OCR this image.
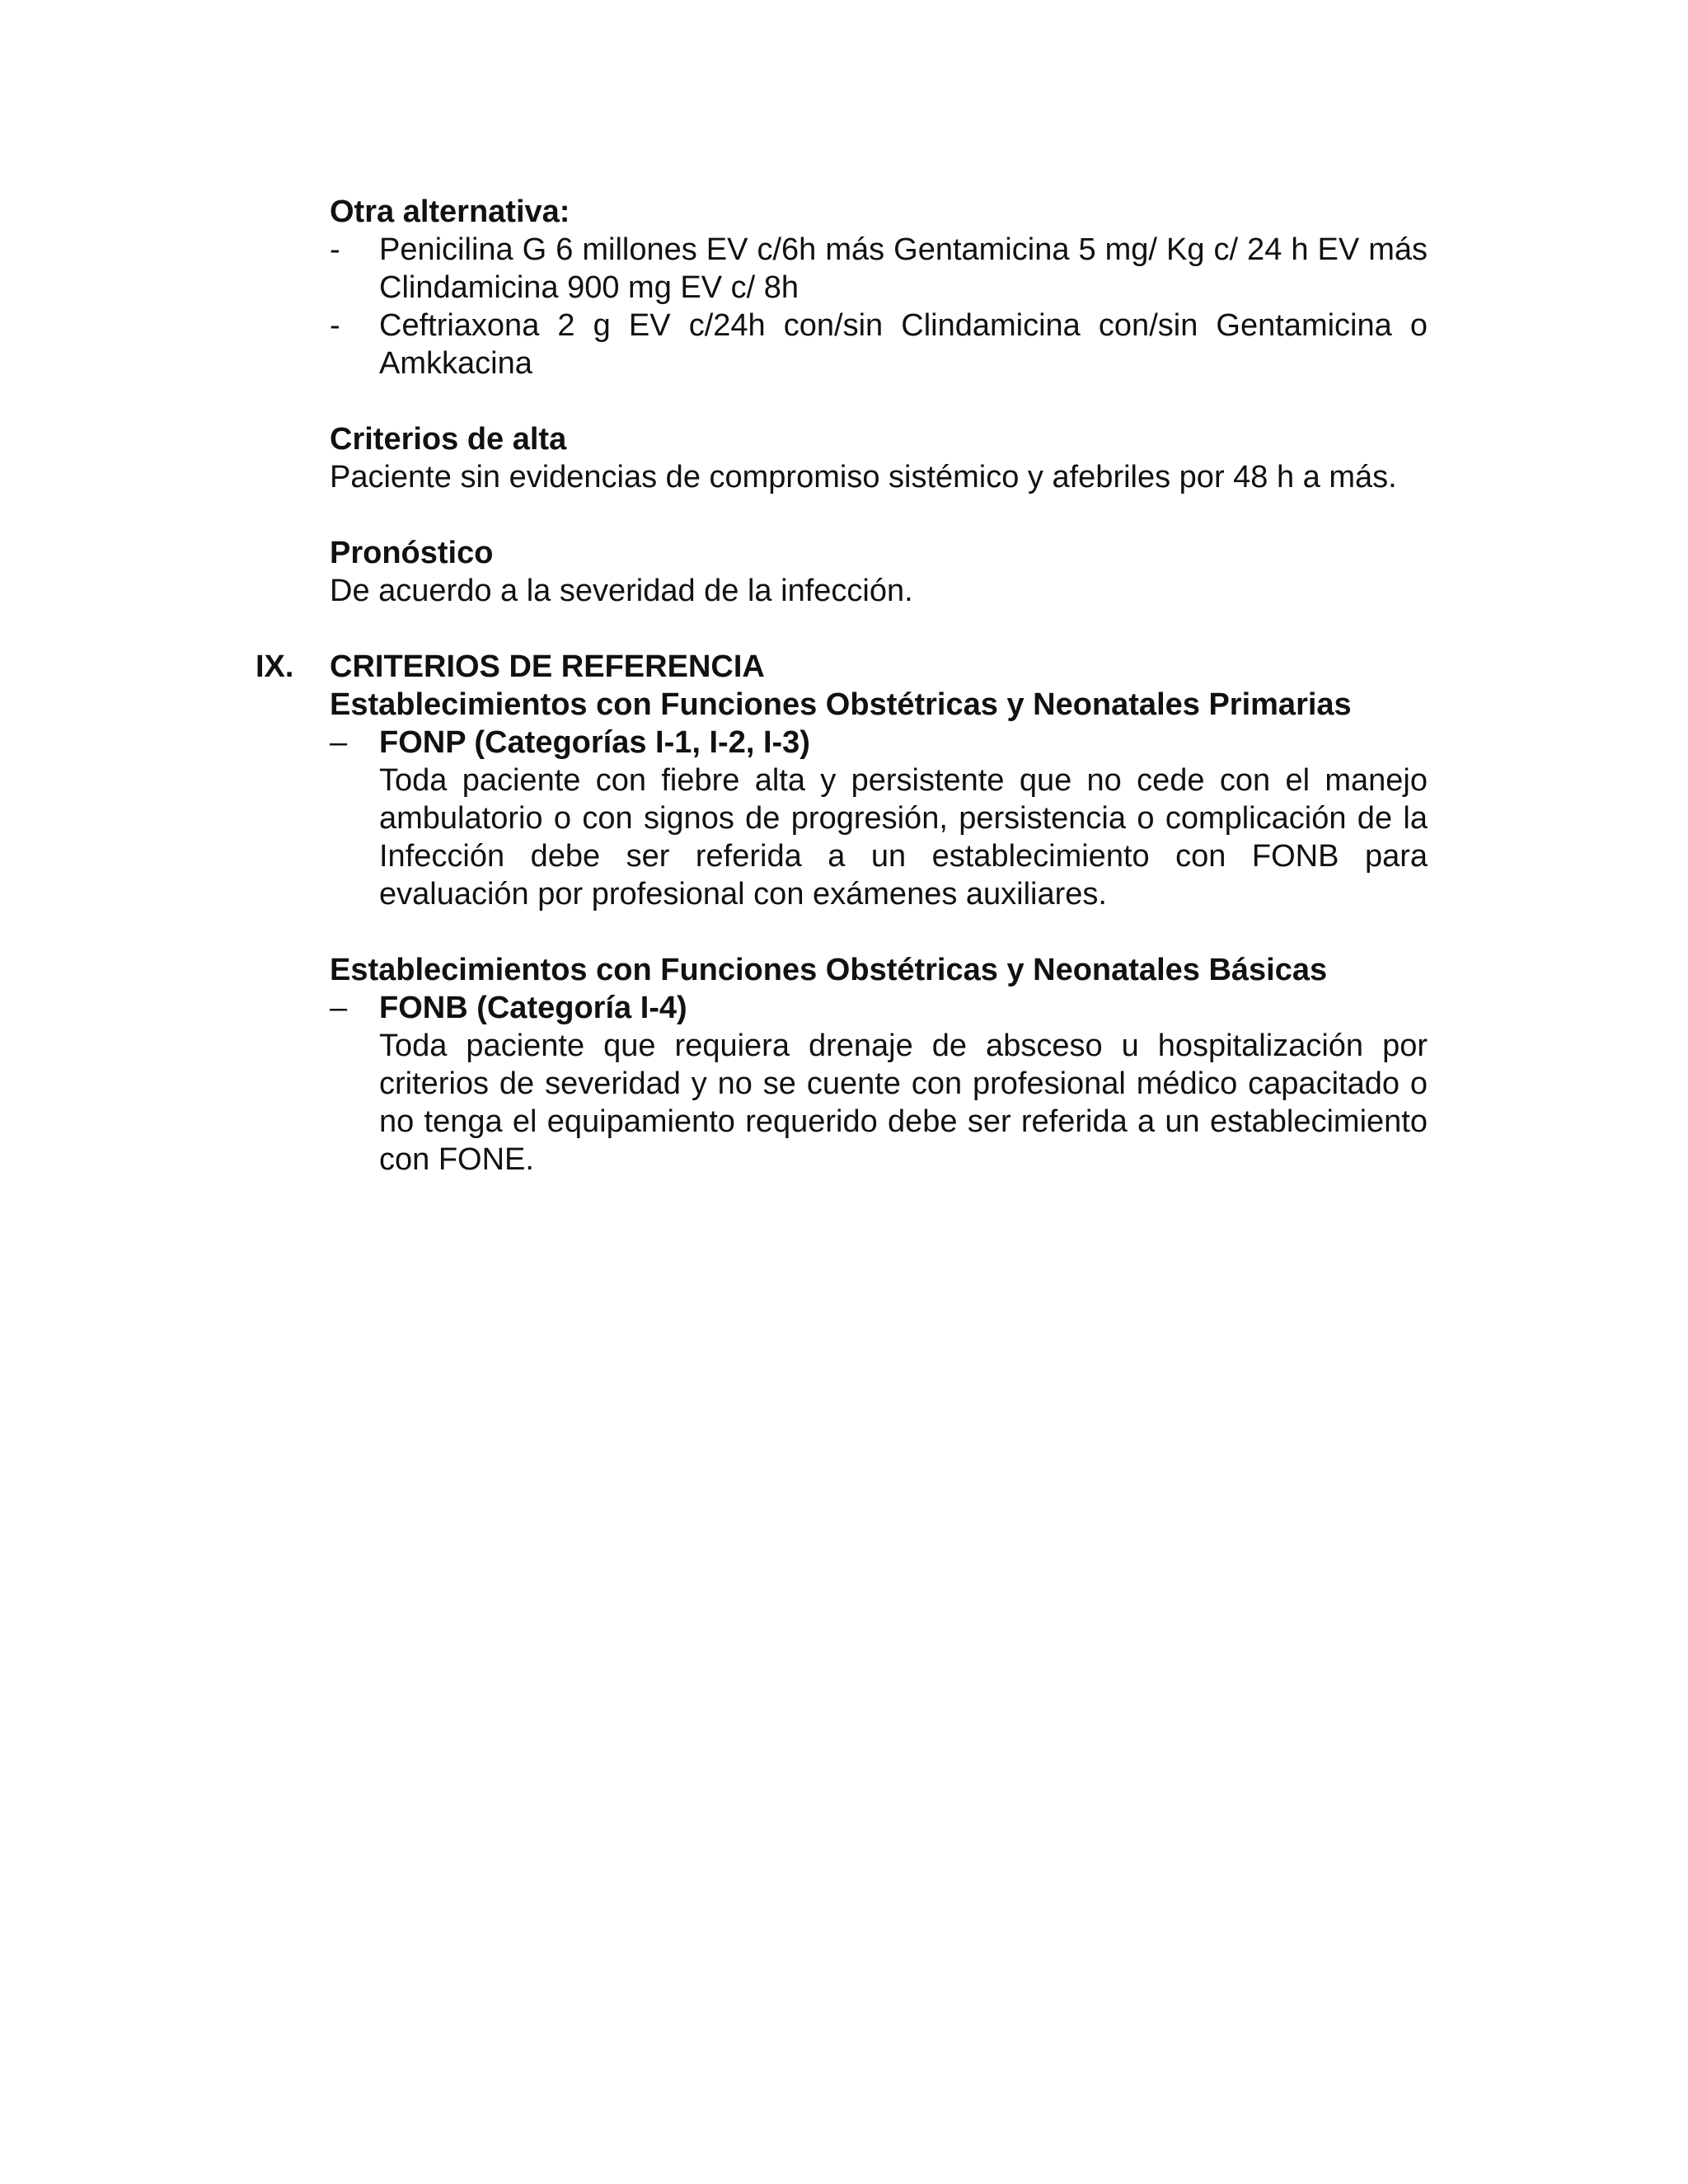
Otra alternativa:

- Penicilina G 6 millones EV c/6h más Gentamicina 5 mg/ Kg c/ 24 h EV más Clindamicina 900 mg EV c/ 8h
- Ceftriaxona 2 g EV c/24h con/sin Clindamicina con/sin Gentamicina o Amkkacina

Criterios de alta

Paciente sin evidencias de compromiso sistémico y afebriles por 48 h a más.

Pronóstico

De acuerdo a la severidad de la infección.

IX. CRITERIOS DE REFERENCIA

Establecimientos con Funciones Obstétricas y Neonatales Primarias

– FONP (Categorías I-1, I-2, I-3)
Toda paciente con fiebre alta y persistente que no cede con el manejo ambulatorio o con signos de progresión, persistencia o complicación de la Infección debe ser referida a un establecimiento con FONB para evaluación por profesional con exámenes auxiliares.

Establecimientos con Funciones Obstétricas y Neonatales Básicas

– FONB (Categoría I-4)
Toda paciente que requiera drenaje de absceso u hospitalización por criterios de severidad y no se cuente con profesional médico capacitado o no tenga el equipamiento requerido debe ser referida a un establecimiento con FONE.
